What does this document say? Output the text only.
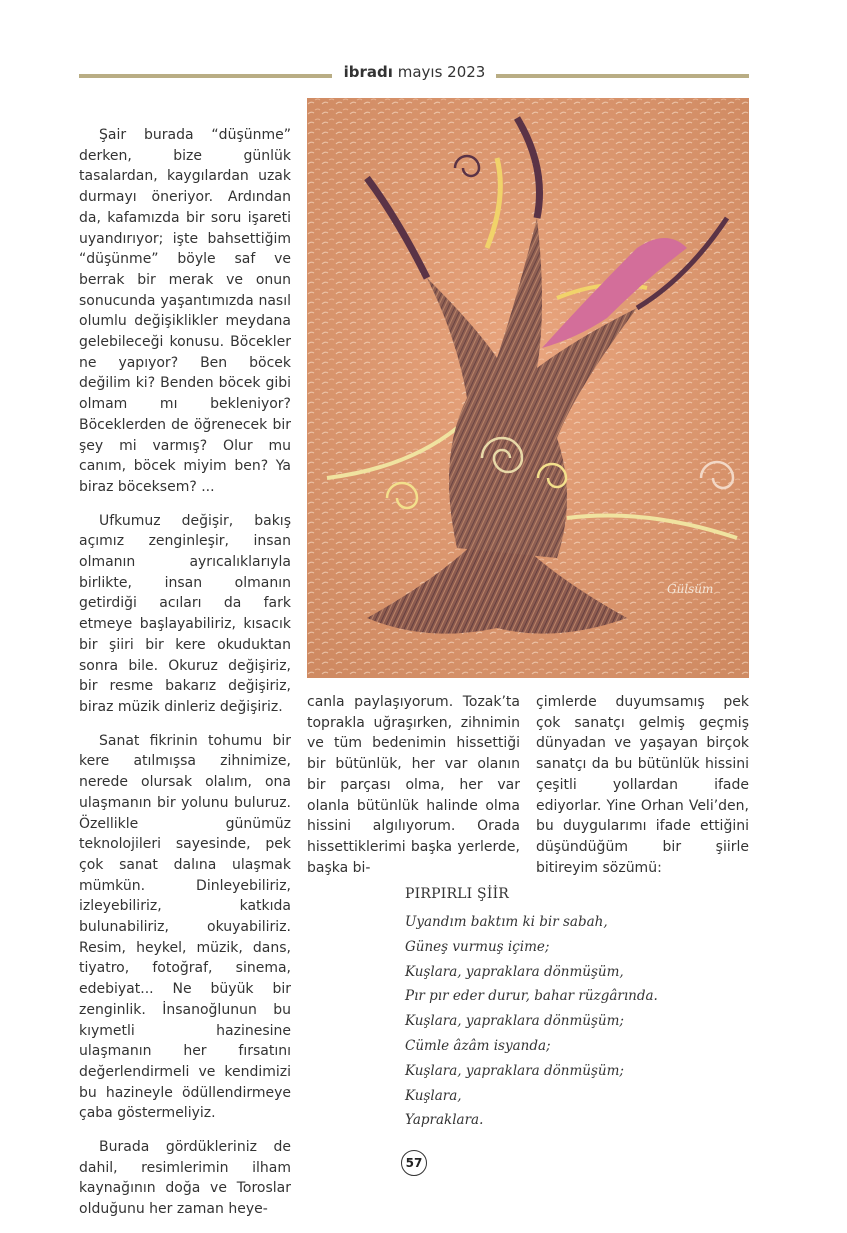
ibradı mayıs 2023

Şair burada “düşünme” derken, bize günlük tasalardan, kaygılardan uzak durmayı öneriyor. Ardından da, kafamızda bir soru işareti uyandırıyor; işte bahsettiğim “düşünme” böyle saf ve berrak bir merak ve onun sonucunda yaşantımızda nasıl olumlu değişiklikler meydana gelebileceği konusu. Böcekler ne yapıyor? Ben böcek değilim ki? Benden böcek gibi olmam mı bekleniyor? Böceklerden de öğrenecek bir şey mi varmış? Olur mu canım, böcek miyim ben? Ya biraz böceksem? ...

Ufkumuz değişir, bakış açımız zenginleşir, insan olmanın ayrıcalıklarıyla birlikte, insan olmanın getirdiği acıları da fark etmeye başlayabiliriz, kısacık bir şiiri bir kere okuduktan sonra bile. Okuruz değişiriz, bir resme bakarız değişiriz, biraz müzik dinleriz değişiriz.

Sanat fikrinin tohumu bir kere atılmışsa zihnimize, nerede olursak olalım, ona ulaşmanın bir yolunu buluruz. Özellikle günümüz teknolojileri sayesinde, pek çok sanat dalına ulaşmak mümkün. Dinleyebiliriz, izleyebiliriz, katkıda bulunabiliriz, okuyabiliriz. Resim, heykel, müzik, dans, tiyatro, fotoğraf, sinema, edebiyat... Ne büyük bir zenginlik. İnsanoğlunun bu kıymetli hazinesine ulaşmanın her fırsatını değerlendirmeli ve kendimizi bu hazineyle ödüllendirmeye çaba göstermeliyiz.

Burada gördükleriniz de dahil, resimlerimin ilham kaynağının doğa ve Toroslar olduğunu her zaman heye-

Gülsüm

canla paylaşıyorum. Tozak’ta toprakla uğraşırken, zihnimin ve tüm bedenimin hissettiği bir bütünlük, her var olanın bir parçası olma, her var olanla bütünlük halinde olma hissini algılıyorum. Orada hissettiklerimi başka yerlerde, başka bi-

çimlerde duyumsamış pek çok sanatçı gelmiş geçmiş dünyadan ve yaşayan birçok sanatçı da bu bütünlük hissini çeşitli yollardan ifade ediyorlar. Yine Orhan Veli’den, bu duygularımı ifade ettiğini düşündüğüm bir şiirle bitireyim sözümü:

PIRPIRLI ŞİİR

Uyandım baktım ki bir sabah,

Güneş vurmuş içime;

Kuşlara, yapraklara dönmüşüm,

Pır pır eder durur, bahar rüzgârında.

Kuşlara, yapraklara dönmüşüm;

Cümle âzâm isyanda;

Kuşlara, yapraklara dönmüşüm;

Kuşlara,

Yapraklara.

57
